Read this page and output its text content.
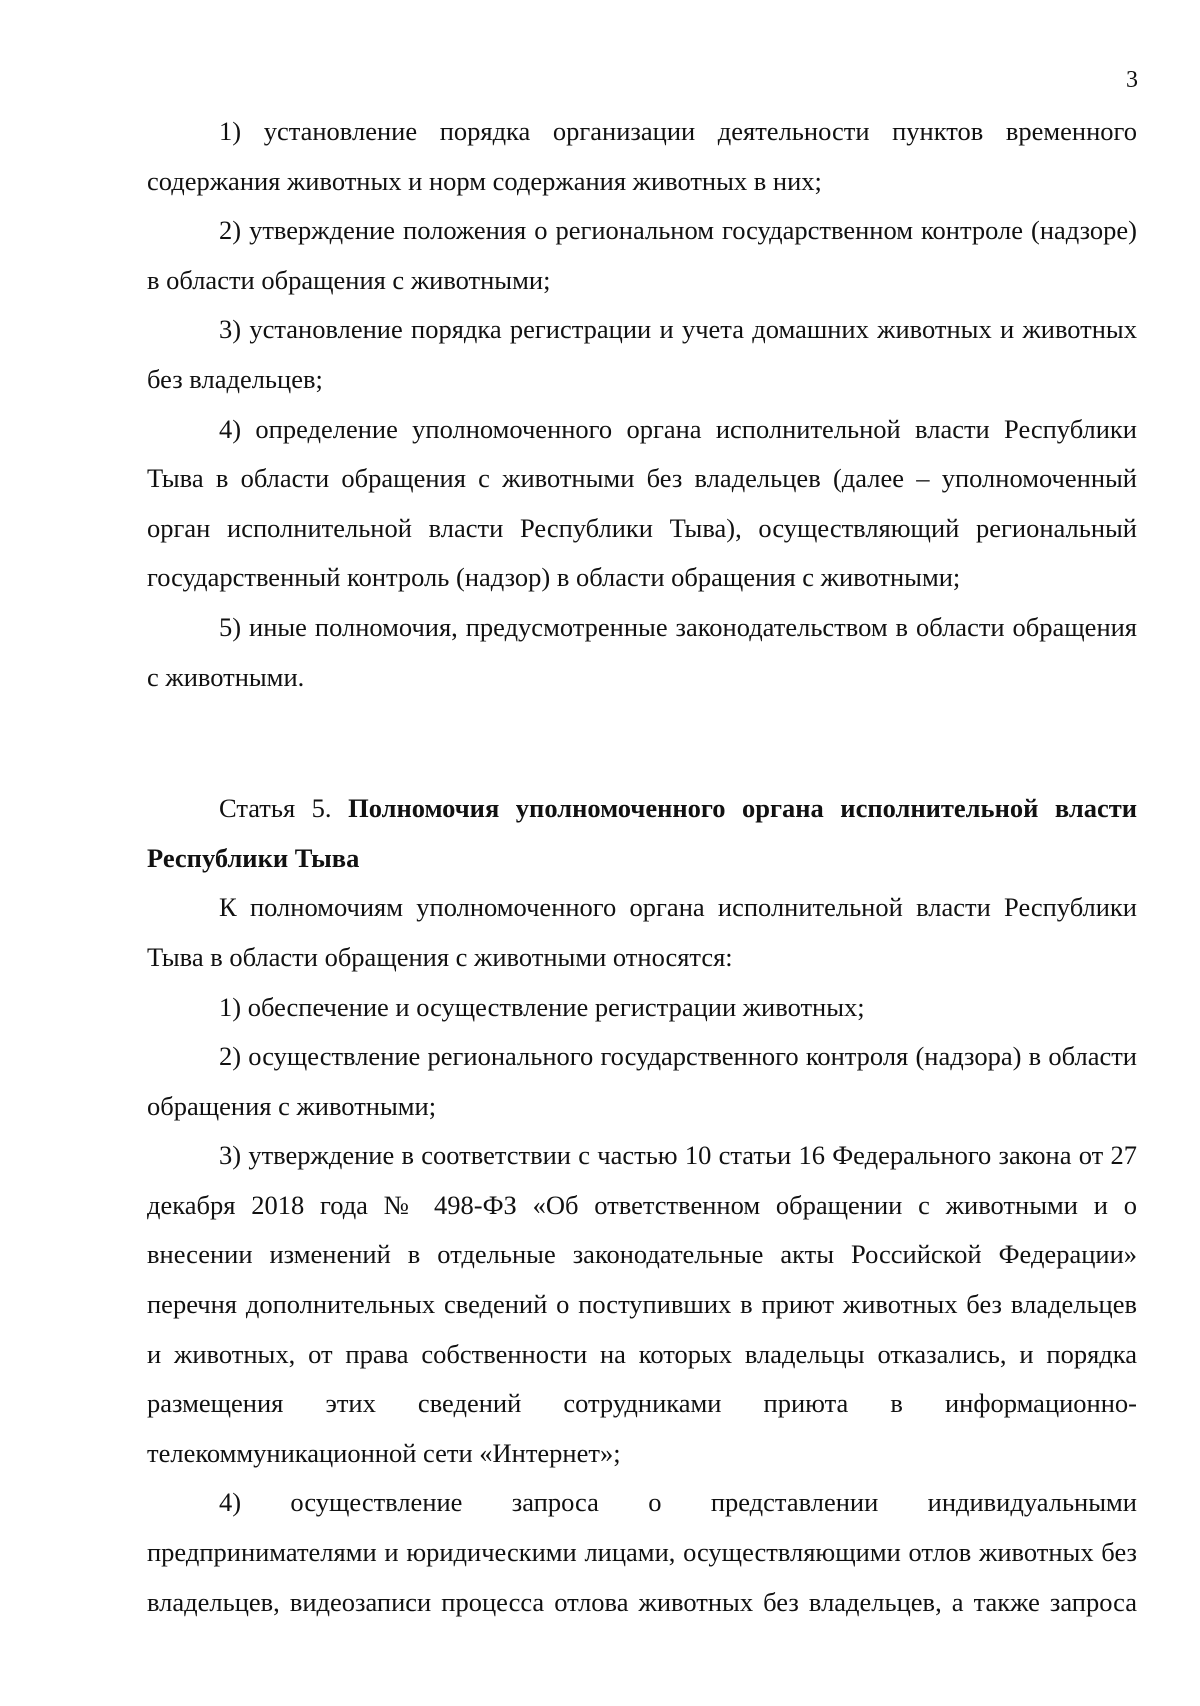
3

1) установление порядка организации деятельности пунктов временного содержания животных и норм содержания животных в них;

2) утверждение положения о региональном государственном контроле (надзоре) в области обращения с животными;

3) установление порядка регистрации и учета домашних животных и животных без владельцев;

4) определение уполномоченного органа исполнительной власти Республики Тыва в области обращения с животными без владельцев (далее – уполномоченный орган исполнительной власти Республики Тыва), осуществляющий региональный государственный контроль (надзор) в области обращения с животными;

5) иные полномочия, предусмотренные законодательством в области обращения с животными.

Статья 5. Полномочия уполномоченного органа исполнительной власти Республики Тыва

К полномочиям уполномоченного органа исполнительной власти Республики Тыва в области обращения с животными относятся:

1) обеспечение и осуществление регистрации животных;

2) осуществление регионального государственного контроля (надзора) в области обращения с животными;

3) утверждение в соответствии с частью 10 статьи 16 Федерального закона от 27 декабря 2018 года № 498-ФЗ «Об ответственном обращении с животными и о внесении изменений в отдельные законодательные акты Российской Федерации» перечня дополнительных сведений о поступивших в приют животных без владельцев и животных, от права собственности на которых владельцы отказались, и порядка размещения этих сведений сотрудниками приюта в информационно-телекоммуникационной сети «Интернет»;

4) осуществление запроса о представлении индивидуальными предпринимателями и юридическими лицами, осуществляющими отлов животных без владельцев, видеозаписи процесса отлова животных без владельцев, а также запроса
